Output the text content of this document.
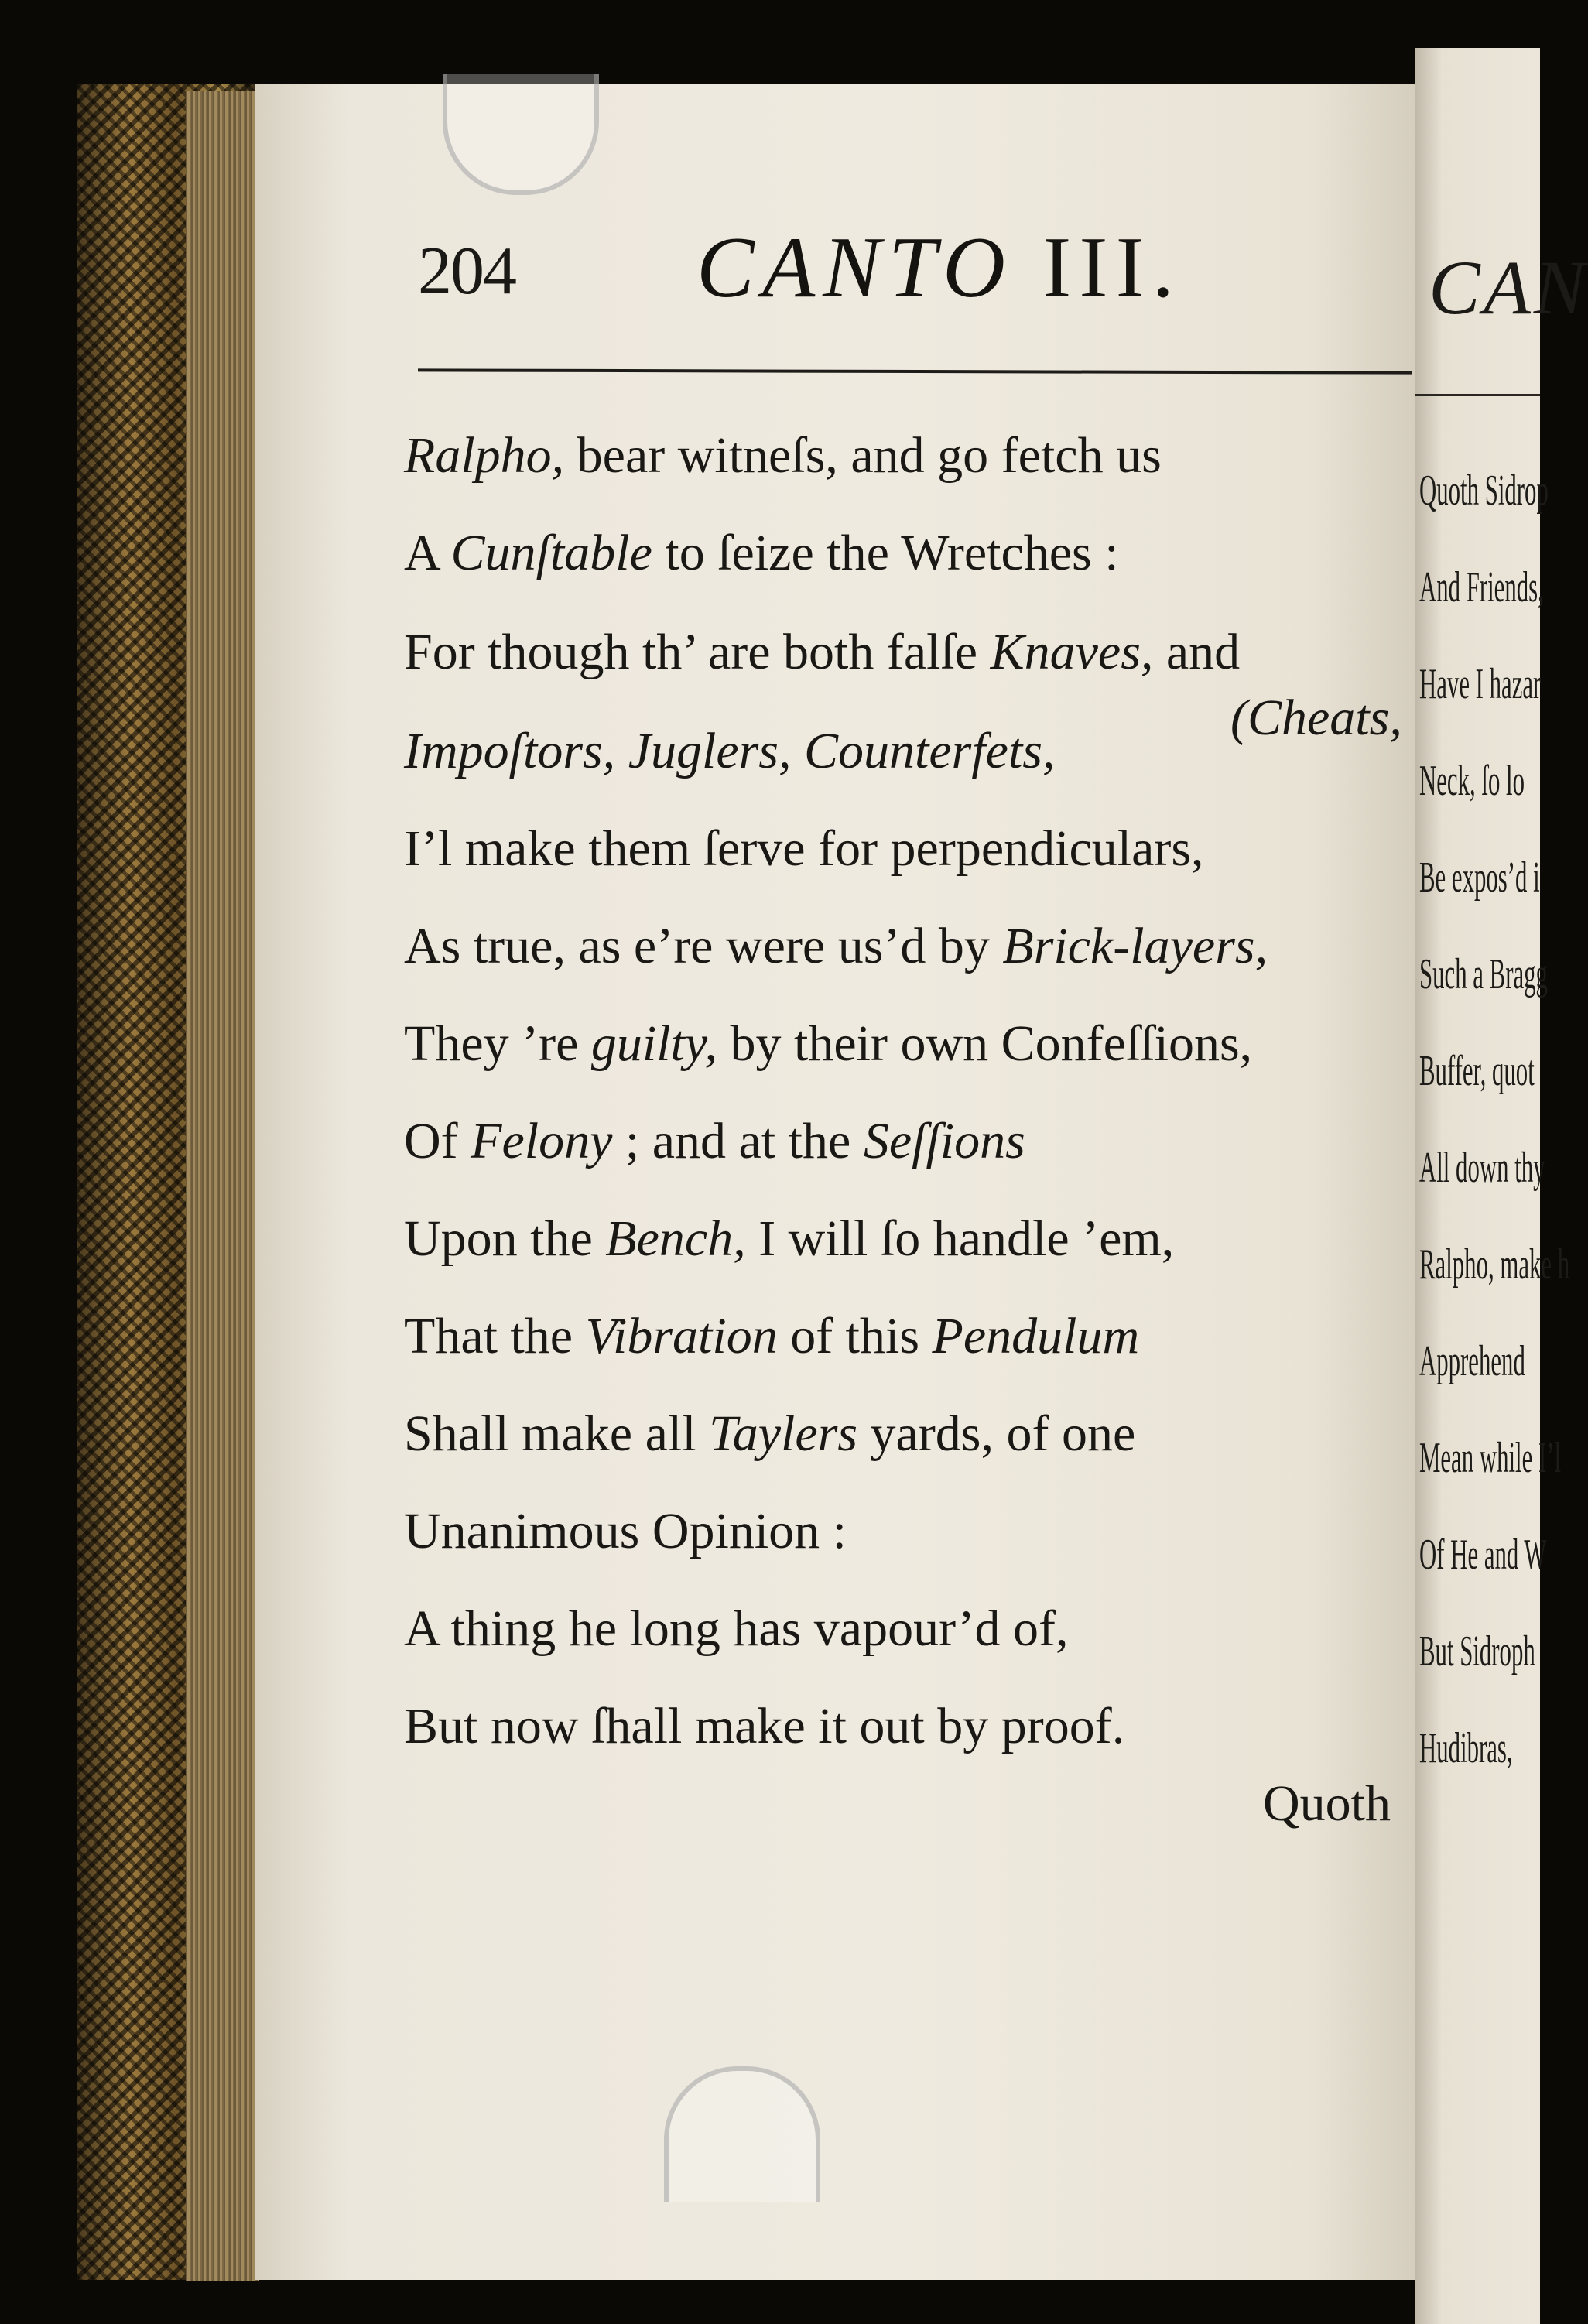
CAN
Quoth Sidrop
And Friends,
Have I hazar
Neck, ſo lo
Be expos’d i
Such a Bragg
Buffer, quot
All down thy
Ralpho, make h
Apprehend
Mean while I’l
Of He and W
But Sidroph
Hudibras,
204 CANTO III.
Ralpho, bear witneſs, and go fetch us
A Cunſtable to ſeize the Wretches :
For though th’ are both falſe Knaves, and
(Cheats,
Impoſtors, Juglers, Counterfets,
I’l make them ſerve for perpendiculars,
As true, as e’re were us’d by Brick-layers,
They ’re guilty, by their own Confeſſions,
Of Felony ; and at the Seſſions
Upon the Bench, I will ſo handle ’em,
That the Vibration of this Pendulum
Shall make all Taylers yards, of one
Unanimous Opinion :
A thing he long has vapour’d of,
But now ſhall make it out by proof.
Quoth
